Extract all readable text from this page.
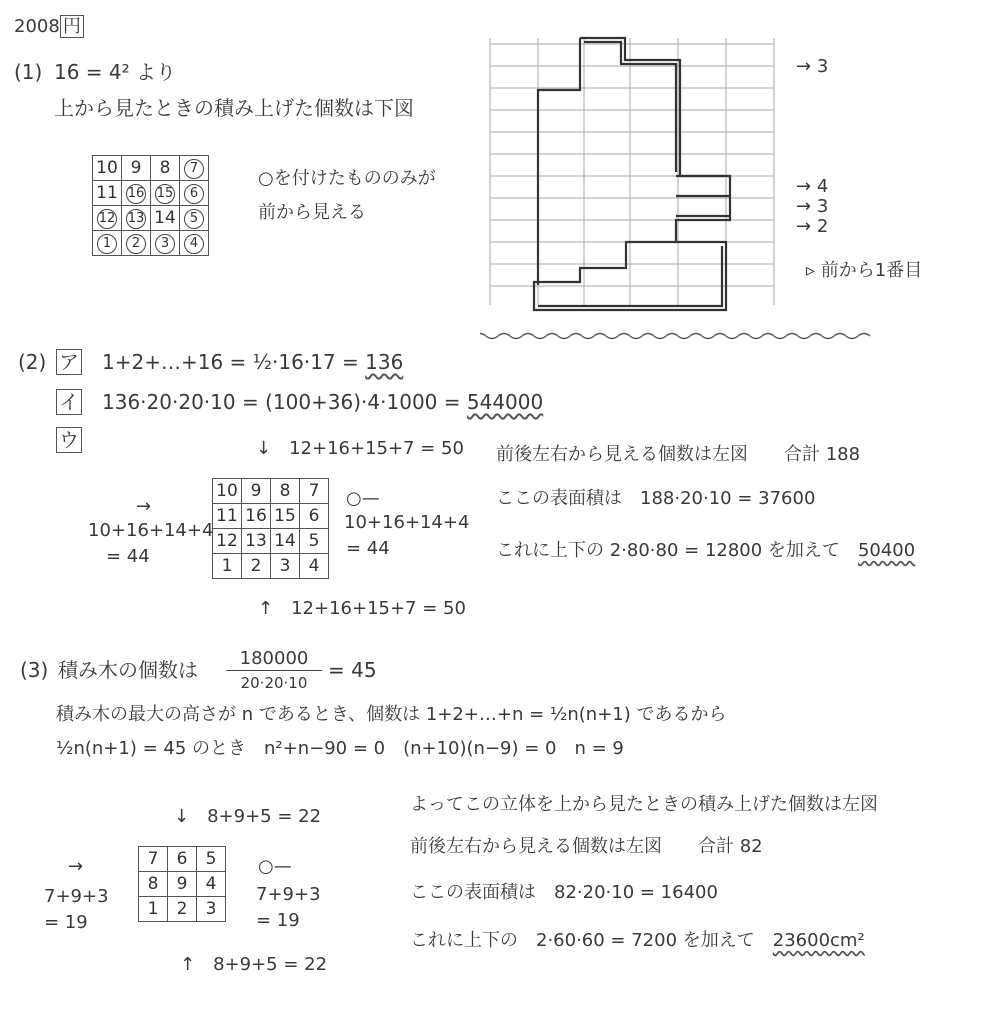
2008 円
(1) 16 = 4² より
上から見たときの積み上げた個数は下図
10	9	8	7
11	16	15	6
12	13	14	5
1	2	3	4
○を付けたもののみが
前から見える
→ 3
→ 4
→ 3
→ 2
▹ 前から1番目
(2) ア 1+2+…+16 = ½·16·17 = 136
イ 136·20·20·10 = (100+36)·4·1000 = 544000
ウ	↓　12+16+15+7 = 50
10	9	8	7
11	16	15	6
12	13	14	5
1	2	3	4
↑　12+16+15+7 = 50
→
10+16+14+4
= 44
○—
10+16+14+4
= 44
前後左右から見える個数は左図　　合計 188
ここの表面積は　188·20·10 = 37600
これに上下の 2·80·80 = 12800 を加えて　 50400
(3) 積み木の個数は	180000
20·20·10
= 45
積み木の最大の高さが n であるとき、個数は 1+2+…+n = ½n(n+1) であるから
½n(n+1) = 45 のとき　n²+n−90 = 0　(n+10)(n−9) = 0　n = 9
↓　8+9+5 = 22
7	6	5
8	9	4
1	2	3
↑　8+9+5 = 22
→
7+9+3
= 19
○—
7+9+3
= 19
よってこの立体を上から見たときの積み上げた個数は左図
前後左右から見える個数は左図　　合計 82
ここの表面積は　82·20·10 = 16400
これに上下の　2·60·60 = 7200 を加えて　 23600cm²
